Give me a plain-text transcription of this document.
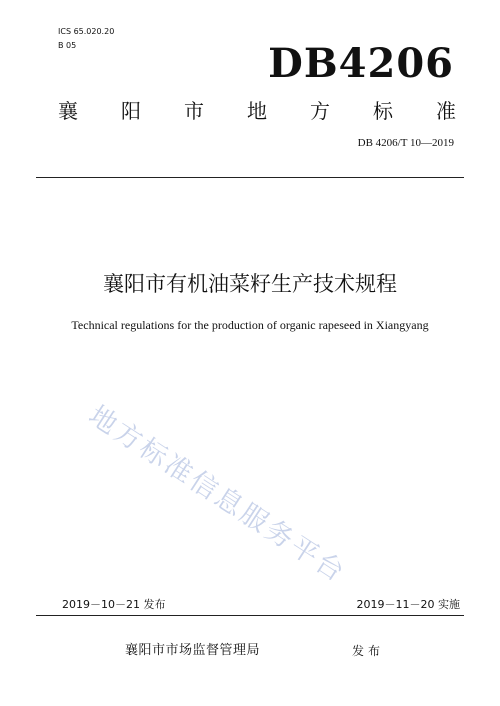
ICS 65.020.20
B 05	DB4206
襄 阳 市 地 方 标 准
DB 4206/T 10—2019
襄阳市有机油菜籽生产技术规程
Technical regulations for the production of organic rapeseed in Xiangyang
地方标准信息服务平台
2019－10－21 发布	2019－11－20 实施
襄阳市市场监督管理局	发布
